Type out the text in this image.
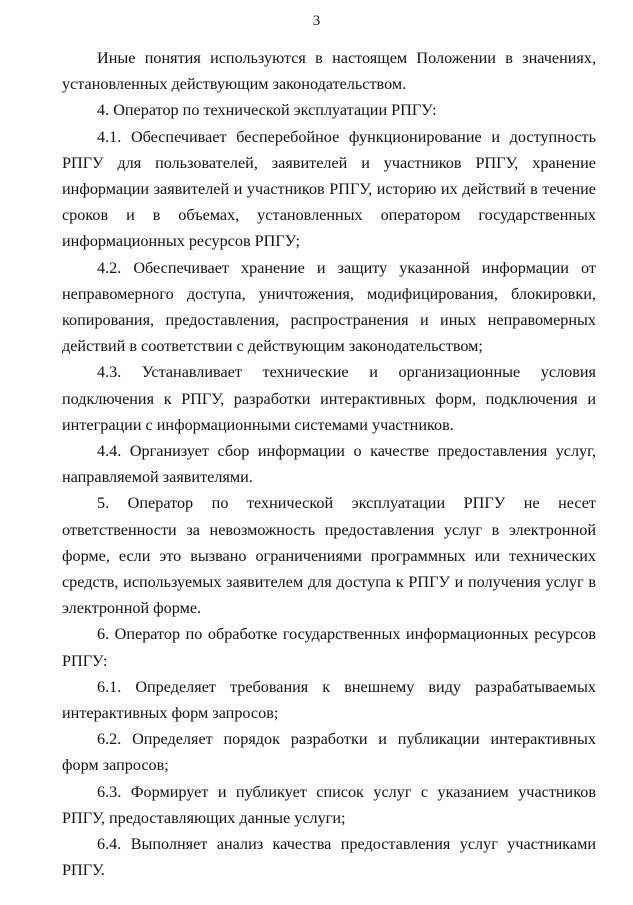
3

Иные понятия используются в настоящем Положении в значениях, установленных действующим законодательством.

4. Оператор по технической эксплуатации РПГУ:

4.1. Обеспечивает бесперебойное функционирование и доступность РПГУ для пользователей, заявителей и участников РПГУ, хранение информации заявителей и участников РПГУ, историю их действий в течение сроков и в объемах, установленных оператором государственных информационных ресурсов РПГУ;

4.2. Обеспечивает хранение и защиту указанной информации от неправомерного доступа, уничтожения, модифицирования, блокировки, копирования, предоставления, распространения и иных неправомерных действий в соответствии с действующим законодательством;

4.3. Устанавливает технические и организационные условия подключения к РПГУ, разработки интерактивных форм, подключения и интеграции с информационными системами участников.

4.4. Организует сбор информации о качестве предоставления услуг, направляемой заявителями.

5. Оператор по технической эксплуатации РПГУ не несет ответственности за невозможность предоставления услуг в электронной форме, если это вызвано ограничениями программных или технических средств, используемых заявителем для доступа к РПГУ и получения услуг в электронной форме.

6. Оператор по обработке государственных информационных ресурсов РПГУ:

6.1. Определяет требования к внешнему виду разрабатываемых интерактивных форм запросов;

6.2. Определяет порядок разработки и публикации интерактивных форм запросов;

6.3. Формирует и публикует список услуг с указанием участников РПГУ, предоставляющих данные услуги;

6.4. Выполняет анализ качества предоставления услуг участниками РПГУ.
